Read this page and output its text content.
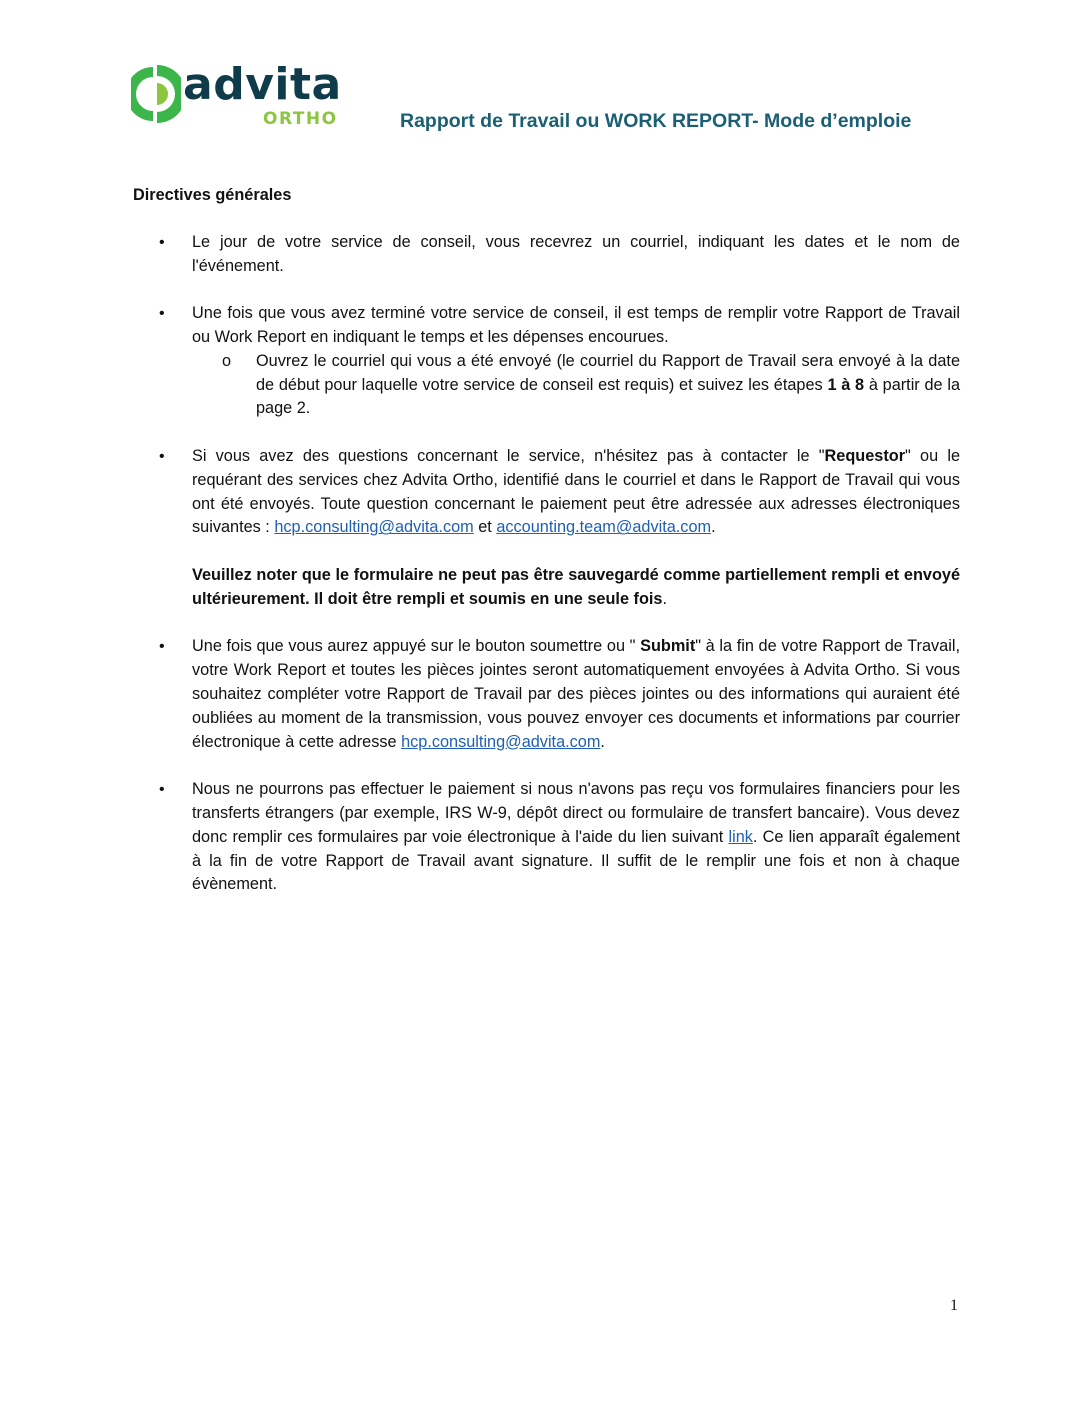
advita
ORTHO	Rapport de Travail ou WORK REPORT- Mode d’emploie

Directives générales

• Le jour de votre service de conseil, vous recevrez un courriel, indiquant les dates et le nom de l'événement.

• Une fois que vous avez terminé votre service de conseil, il est temps de remplir votre Rapport de Travail ou Work Report en indiquant le temps et les dépenses encourues.

o Ouvrez le courriel qui vous a été envoyé (le courriel du Rapport de Travail sera envoyé à la date de début pour laquelle votre service de conseil est requis) et suivez les étapes 1 à 8 à partir de la page 2.

• Si vous avez des questions concernant le service, n'hésitez pas à contacter le "Requestor" ou le requérant des services chez Advita Ortho, identifié dans le courriel et dans le Rapport de Travail qui vous ont été envoyés. Toute question concernant le paiement peut être adressée aux adresses électroniques suivantes : hcp.consulting@advita.com et accounting.team@advita.com.

Veuillez noter que le formulaire ne peut pas être sauvegardé comme partiellement rempli et envoyé ultérieurement. Il doit être rempli et soumis en une seule fois.

• Une fois que vous aurez appuyé sur le bouton soumettre ou " Submit" à la fin de votre Rapport de Travail, votre Work Report et toutes les pièces jointes seront automatiquement envoyées à Advita Ortho. Si vous souhaitez compléter votre Rapport de Travail par des pièces jointes ou des informations qui auraient été oubliées au moment de la transmission, vous pouvez envoyer ces documents et informations par courrier électronique à cette adresse hcp.consulting@advita.com.

• Nous ne pourrons pas effectuer le paiement si nous n'avons pas reçu vos formulaires financiers pour les transferts étrangers (par exemple, IRS W-9, dépôt direct ou formulaire de transfert bancaire). Vous devez donc remplir ces formulaires par voie électronique à l'aide du lien suivant link. Ce lien apparaît également à la fin de votre Rapport de Travail avant signature. Il suffit de le remplir une fois et non à chaque évènement.

1
